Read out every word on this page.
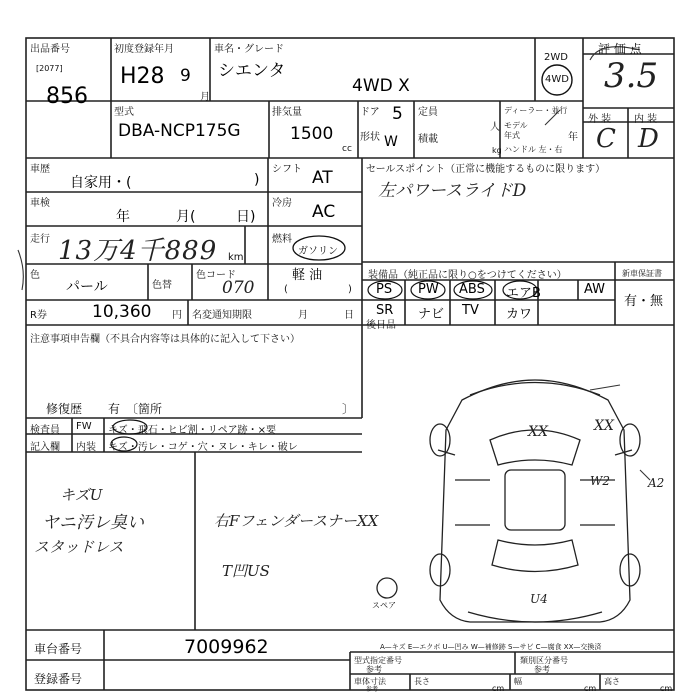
出品番号
[2077]
856
初度登録年月
H28 9
月
車名・グレード
シエンタ
4WD X
2WD
4WD
評 価 点
3.5
型式
DBA-NCP175G
排気量
1500
cc
ドア 5
形状 W
定員
人
積載
kg
ディーラー・並行
モデル
年式	年
ハンドル 左・右
外 装 内 装
C D
車歴
自家用・(	)
シフト AT
車検
年	月(	日)
冷房 AC
走行 13万4千889 km
燃料
ガソリン
軽 油
(	)
色
パール	色替
色コード
070
R券	10,360 円 名変通知期限	月	日
セールスポイント（正常に機能するものに限ります）
左パワースライドD
装備品（純正品に限り○をつけてください）
PS PW ABS エアB	AW
SR ナビ TV カワ
新車保証書
有・無
後日品
注意事項申告欄（不具合内容等は具体的に記入して下さい）
修復歴 有 〔箇所	〕
検査員
記入欄
FW キズ・飛石・ヒビ割・リペア跡・×要
内装 キズ・汚レ・コゲ・穴・ヌレ・キレ・破レ
キズU
ヤニ汚レ臭い
スタッドレス
右FフェンダースナーXX
T凹US
XX	XX
W2	A2
U4
スペア
A—キズ E—エクボ U—凹み W—補修跡 S—サビ C—腐食 XX—交換済
車台番号	7009962
登録番号
型式指定番号
参考
類別区分番号
参考
車体寸法
参考
長さ
cm
幅
cm
高さ
cm
